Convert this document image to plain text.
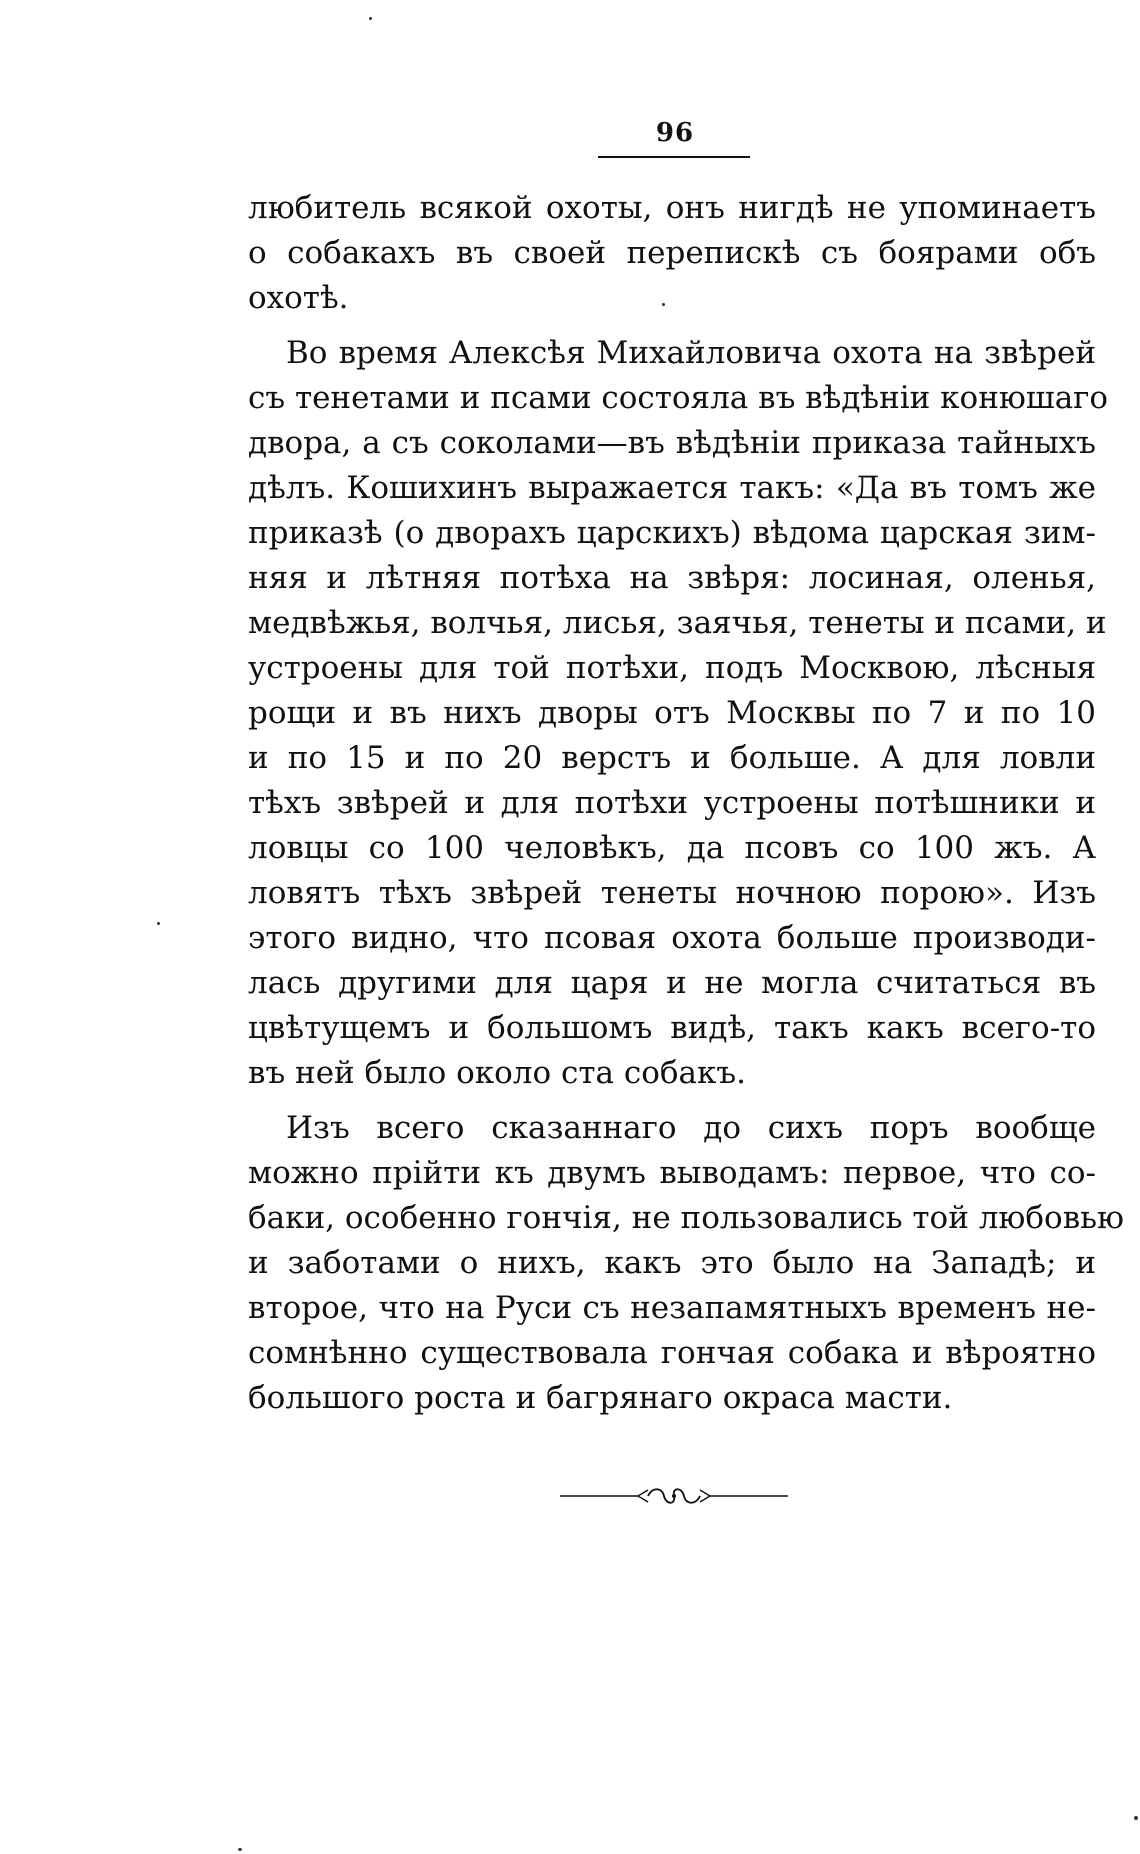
96
любитель всякой охоты, онъ нигдѣ не упоминаетъ
о собакахъ въ своей перепискѣ съ боярами объ
охотѣ.
Во время Алексѣя Михайловича охота на звѣрей
съ тенетами и псами состояла въ вѣдѣніи конюшаго
двора, а съ соколами—въ вѣдѣніи приказа тайныхъ
дѣлъ. Кошихинъ выражается такъ: «Да въ томъ же
приказѣ (о дворахъ царскихъ) вѣдома царская зим-
няя и лѣтняя потѣха на звѣря: лосиная, оленья,
медвѣжья, волчья, лисья, заячья, тенеты и псами, и
устроены для той потѣхи, подъ Москвою, лѣсныя
рощи и въ нихъ дворы отъ Москвы по 7 и по 10
и по 15 и по 20 верстъ и больше. А для ловли
тѣхъ звѣрей и для потѣхи устроены потѣшники и
ловцы со 100 человѣкъ, да псовъ со 100 жъ. А
ловятъ тѣхъ звѣрей тенеты ночною порою». Изъ
этого видно, что псовая охота больше производи-
лась другими для царя и не могла считаться въ
цвѣтущемъ и большомъ видѣ, такъ какъ всего-то
въ ней было около ста собакъ.
Изъ всего сказаннаго до сихъ поръ вообще
можно прійти къ двумъ выводамъ: первое, что со-
баки, особенно гончія, не пользовались той любовью
и заботами о нихъ, какъ это было на Западѣ; и
второе, что на Руси съ незапамятныхъ временъ не-
сомнѣнно существовала гончая собака и вѣроятно
большого роста и багрянаго окраса масти.
